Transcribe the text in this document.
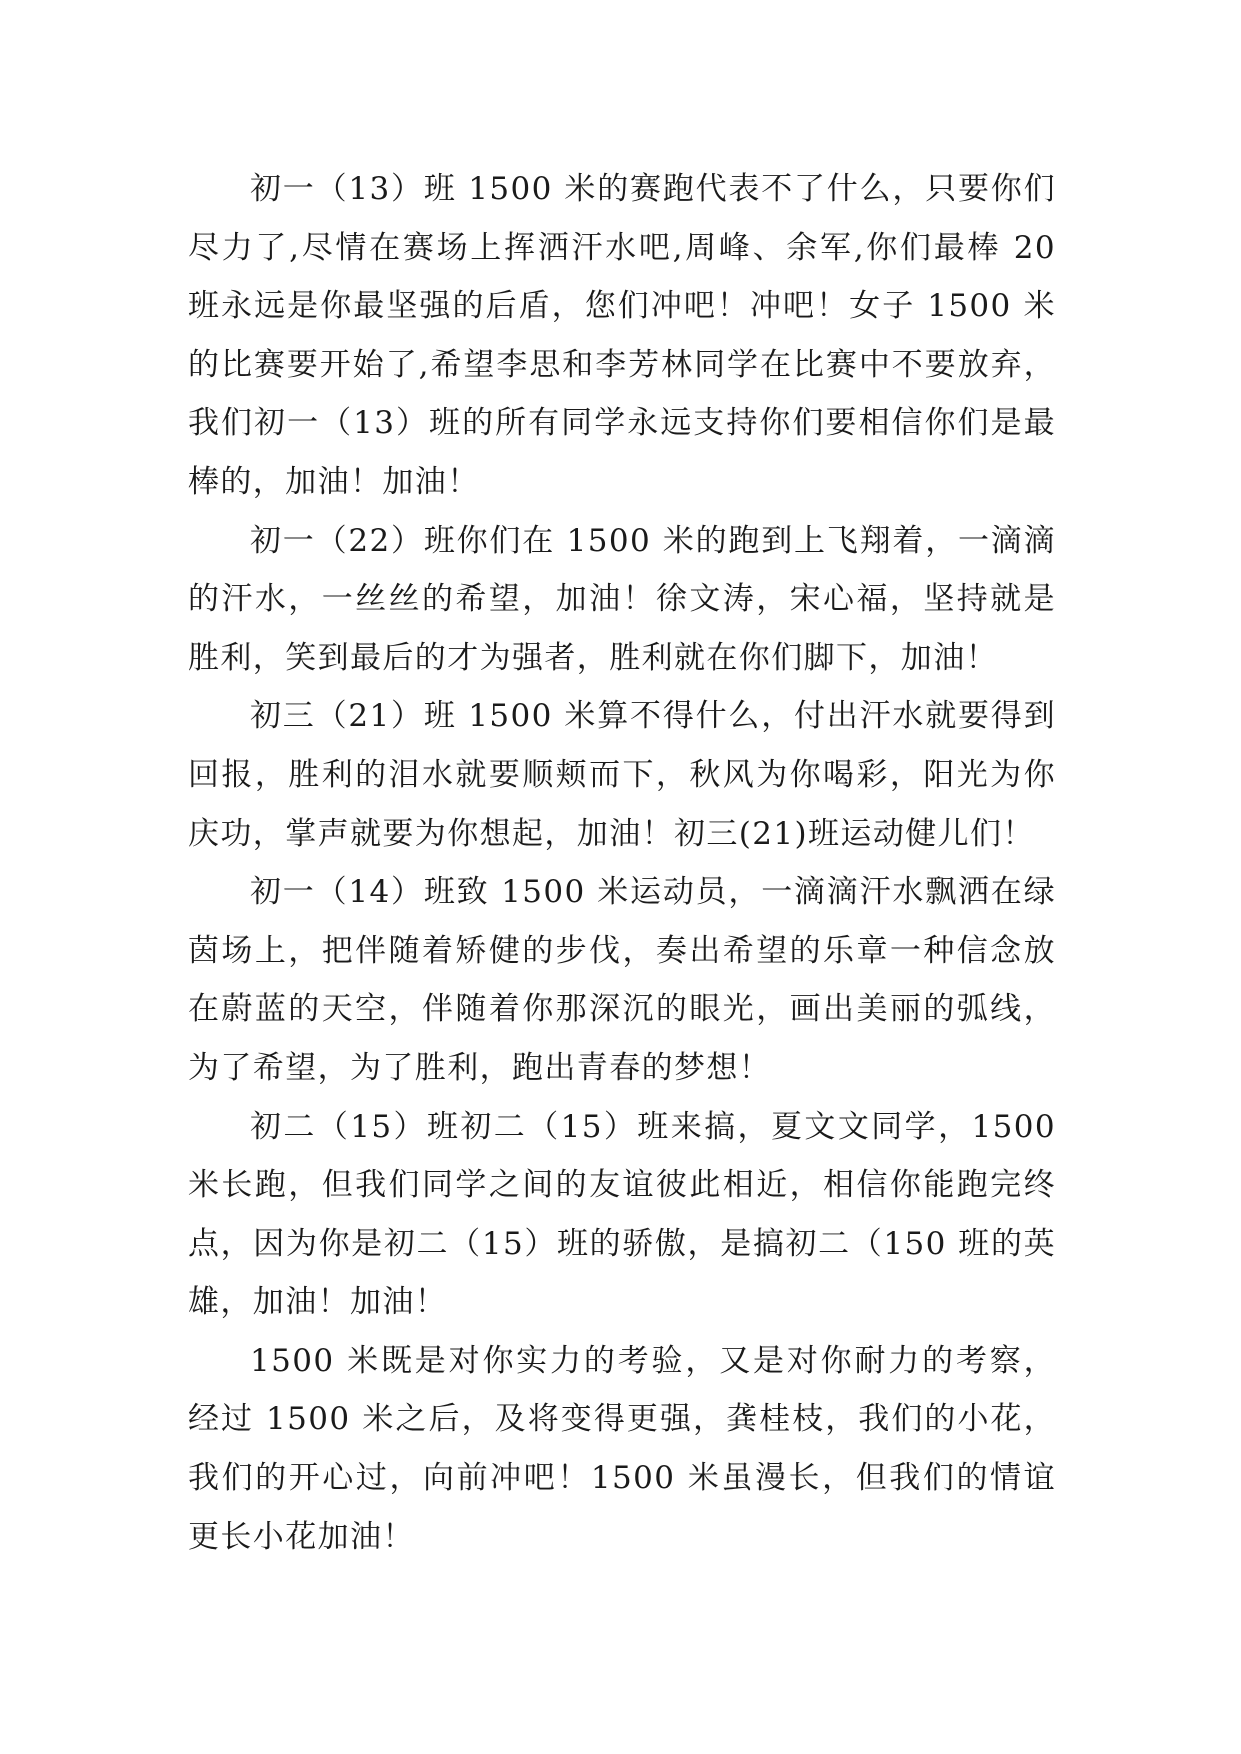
初一（13）班 1500 米的赛跑代表不了什么，只要你们尽力了,尽情在赛场上挥洒汗水吧,周峰、余军,你们最棒 20 班永远是你最坚强的后盾，您们冲吧！冲吧！女子 1500 米的比赛要开始了,希望李思和李芳林同学在比赛中不要放弃，我们初一（13）班的所有同学永远支持你们要相信你们是最棒的，加油！加油！

初一（22）班你们在 1500 米的跑到上飞翔着，一滴滴的汗水，一丝丝的希望，加油！徐文涛，宋心福，坚持就是胜利，笑到最后的才为强者，胜利就在你们脚下，加油！

初三（21）班 1500 米算不得什么，付出汗水就要得到回报，胜利的泪水就要顺颊而下，秋风为你喝彩，阳光为你庆功，掌声就要为你想起，加油！初三(21)班运动健儿们！

初一（14）班致 1500 米运动员，一滴滴汗水飘洒在绿茵场上，把伴随着矫健的步伐，奏出希望的乐章一种信念放在蔚蓝的天空，伴随着你那深沉的眼光，画出美丽的弧线，为了希望，为了胜利，跑出青春的梦想！

初二（15）班初二（15）班来搞，夏文文同学，1500 米长跑，但我们同学之间的友谊彼此相近，相信你能跑完终点，因为你是初二（15）班的骄傲，是搞初二（150 班的英雄，加油！加油！

1500 米既是对你实力的考验，又是对你耐力的考察，经过 1500 米之后，及将变得更强，龚桂枝，我们的小花，我们的开心过，向前冲吧！1500 米虽漫长，但我们的情谊更长小花加油！
